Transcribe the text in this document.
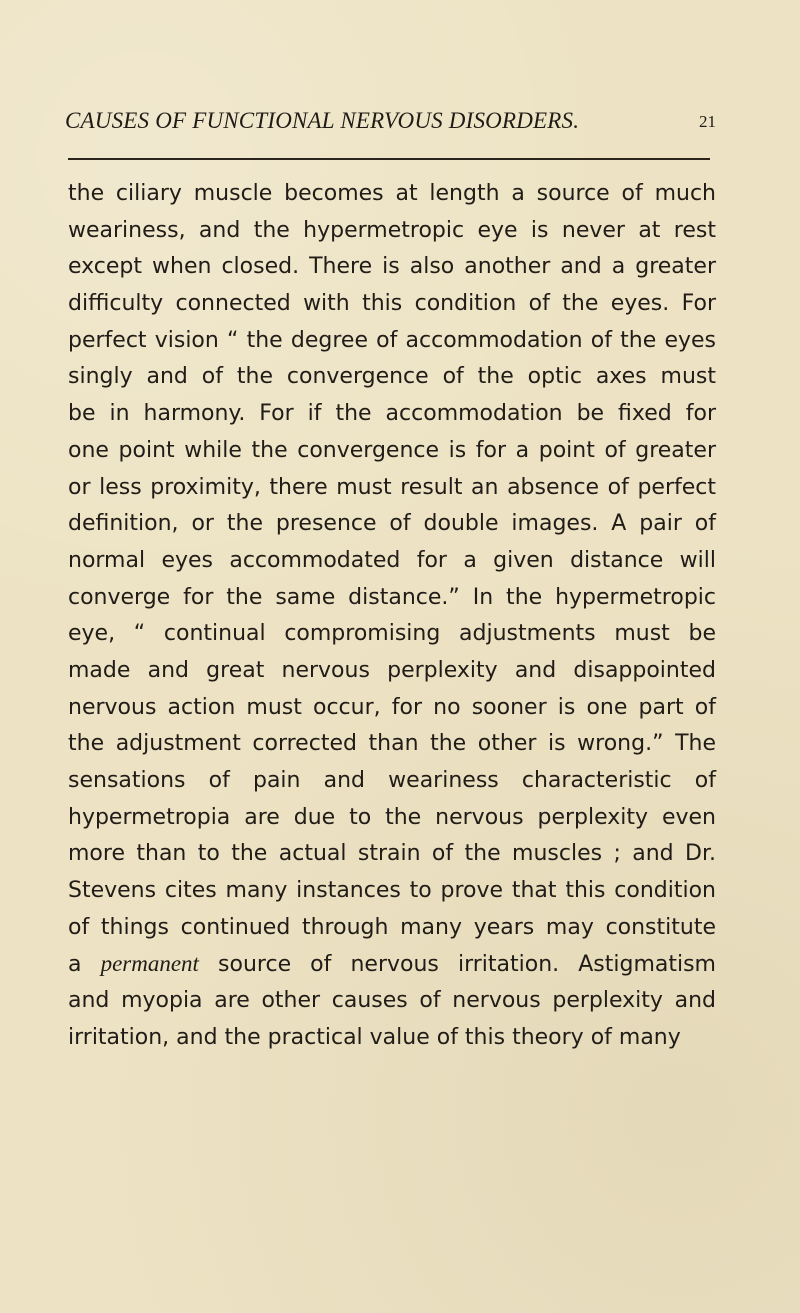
CAUSES OF FUNCTIONAL NERVOUS DISORDERS.	21
the ciliary muscle becomes at length a source of much
weariness, and the hypermetropic eye is never at rest
except when closed. There is also another and a greater
difficulty connected with this condition of the eyes. For
perfect vision “ the degree of accommodation of the eyes
singly and of the convergence of the optic axes must
be in harmony. For if the accommodation be fixed for
one point while the convergence is for a point of greater
or less proximity, there must result an absence of perfect
definition, or the presence of double images. A pair of
normal eyes accommodated for a given distance will
converge for the same distance.” In the hypermetropic
eye, “ continual compromising adjustments must be
made and great nervous perplexity and disappointed
nervous action must occur, for no sooner is one part of
the adjustment corrected than the other is wrong.” The
sensations of pain and weariness characteristic of
hypermetropia are due to the nervous perplexity even
more than to the actual strain of the muscles ; and Dr.
Stevens cites many instances to prove that this condition
of things continued through many years may constitute
a permanent source of nervous irritation. Astigmatism
and myopia are other causes of nervous perplexity and
irritation, and the practical value of this theory of many
